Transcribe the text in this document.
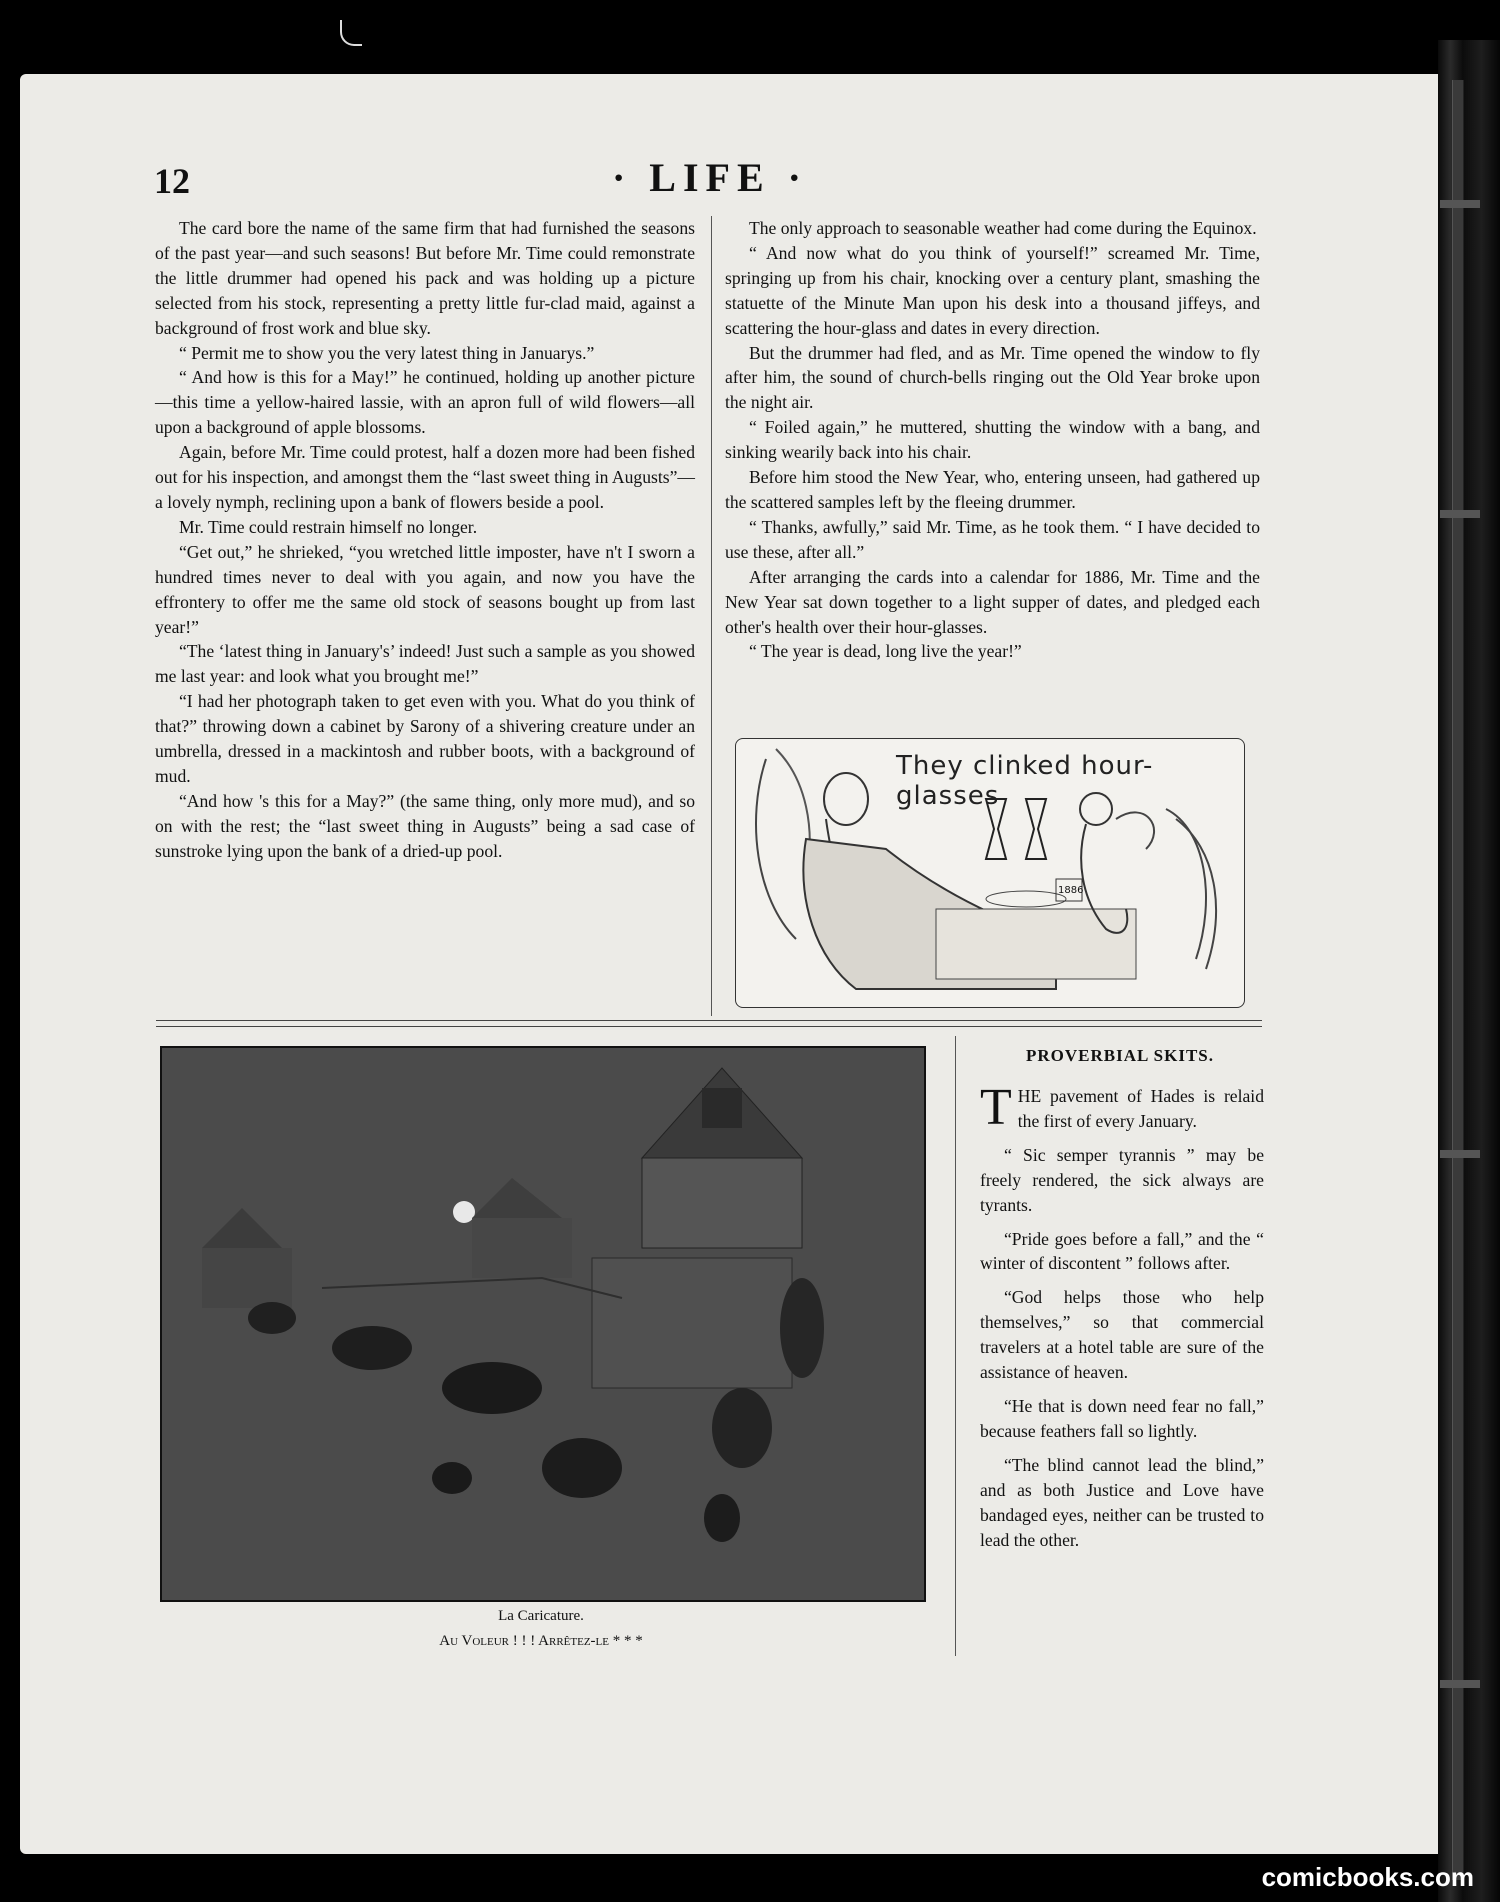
12	· LIFE ·

The card bore the name of the same firm that had furnished the seasons of the past year—and such seasons! But before Mr. Time could remonstrate the little drummer had opened his pack and was holding up a picture selected from his stock, representing a pretty little fur-clad maid, against a background of frost work and blue sky.

“ Permit me to show you the very latest thing in Januarys.”

“ And how is this for a May!” he continued, holding up another picture—this time a yellow-haired lassie, with an apron full of wild flowers—all upon a background of apple blossoms.

Again, before Mr. Time could protest, half a dozen more had been fished out for his inspection, and amongst them the “last sweet thing in Augusts”—a lovely nymph, reclining upon a bank of flowers beside a pool.

Mr. Time could restrain himself no longer.

“Get out,” he shrieked, “you wretched little imposter, have n't I sworn a hundred times never to deal with you again, and now you have the effrontery to offer me the same old stock of seasons bought up from last year!”

“The ‘latest thing in January's’ indeed! Just such a sample as you showed me last year: and look what you brought me!”

“I had her photograph taken to get even with you. What do you think of that?” throwing down a cabinet by Sarony of a shivering creature under an umbrella, dressed in a mackintosh and rubber boots, with a background of mud.

“And how 's this for a May?” (the same thing, only more mud), and so on with the rest; the “last sweet thing in Augusts” being a sad case of sunstroke lying upon the bank of a dried-up pool.

The only approach to seasonable weather had come during the Equinox.

“ And now what do you think of yourself!” screamed Mr. Time, springing up from his chair, knocking over a century plant, smashing the statuette of the Minute Man upon his desk into a thousand jiffeys, and scattering the hour-glass and dates in every direction.

But the drummer had fled, and as Mr. Time opened the window to fly after him, the sound of church-bells ringing out the Old Year broke upon the night air.

“ Foiled again,” he muttered, shutting the window with a bang, and sinking wearily back into his chair.

Before him stood the New Year, who, entering unseen, had gathered up the scattered samples left by the fleeing drummer.

“ Thanks, awfully,” said Mr. Time, as he took them. “ I have decided to use these, after all.”

After arranging the cards into a calendar for 1886, Mr. Time and the New Year sat down together to a light supper of dates, and pledged each other's health over their hour-glasses.

“ The year is dead, long live the year!”

They clinked hour-glasses
1886
La Caricature.
Au Voleur ! ! ! Arrêtez-le * * *
PROVERBIAL SKITS.

THE pavement of Hades is relaid the first of every January.

“ Sic semper tyrannis ” may be freely rendered, the sick always are tyrants.

“Pride goes before a fall,” and the “ winter of discontent ” follows after.

“God helps those who help themselves,” so that commercial travelers at a hotel table are sure of the assistance of heaven.

“He that is down need fear no fall,” because feathers fall so lightly.

“The blind cannot lead the blind,” and as both Justice and Love have bandaged eyes, neither can be trusted to lead the other.

comicbooks.com
